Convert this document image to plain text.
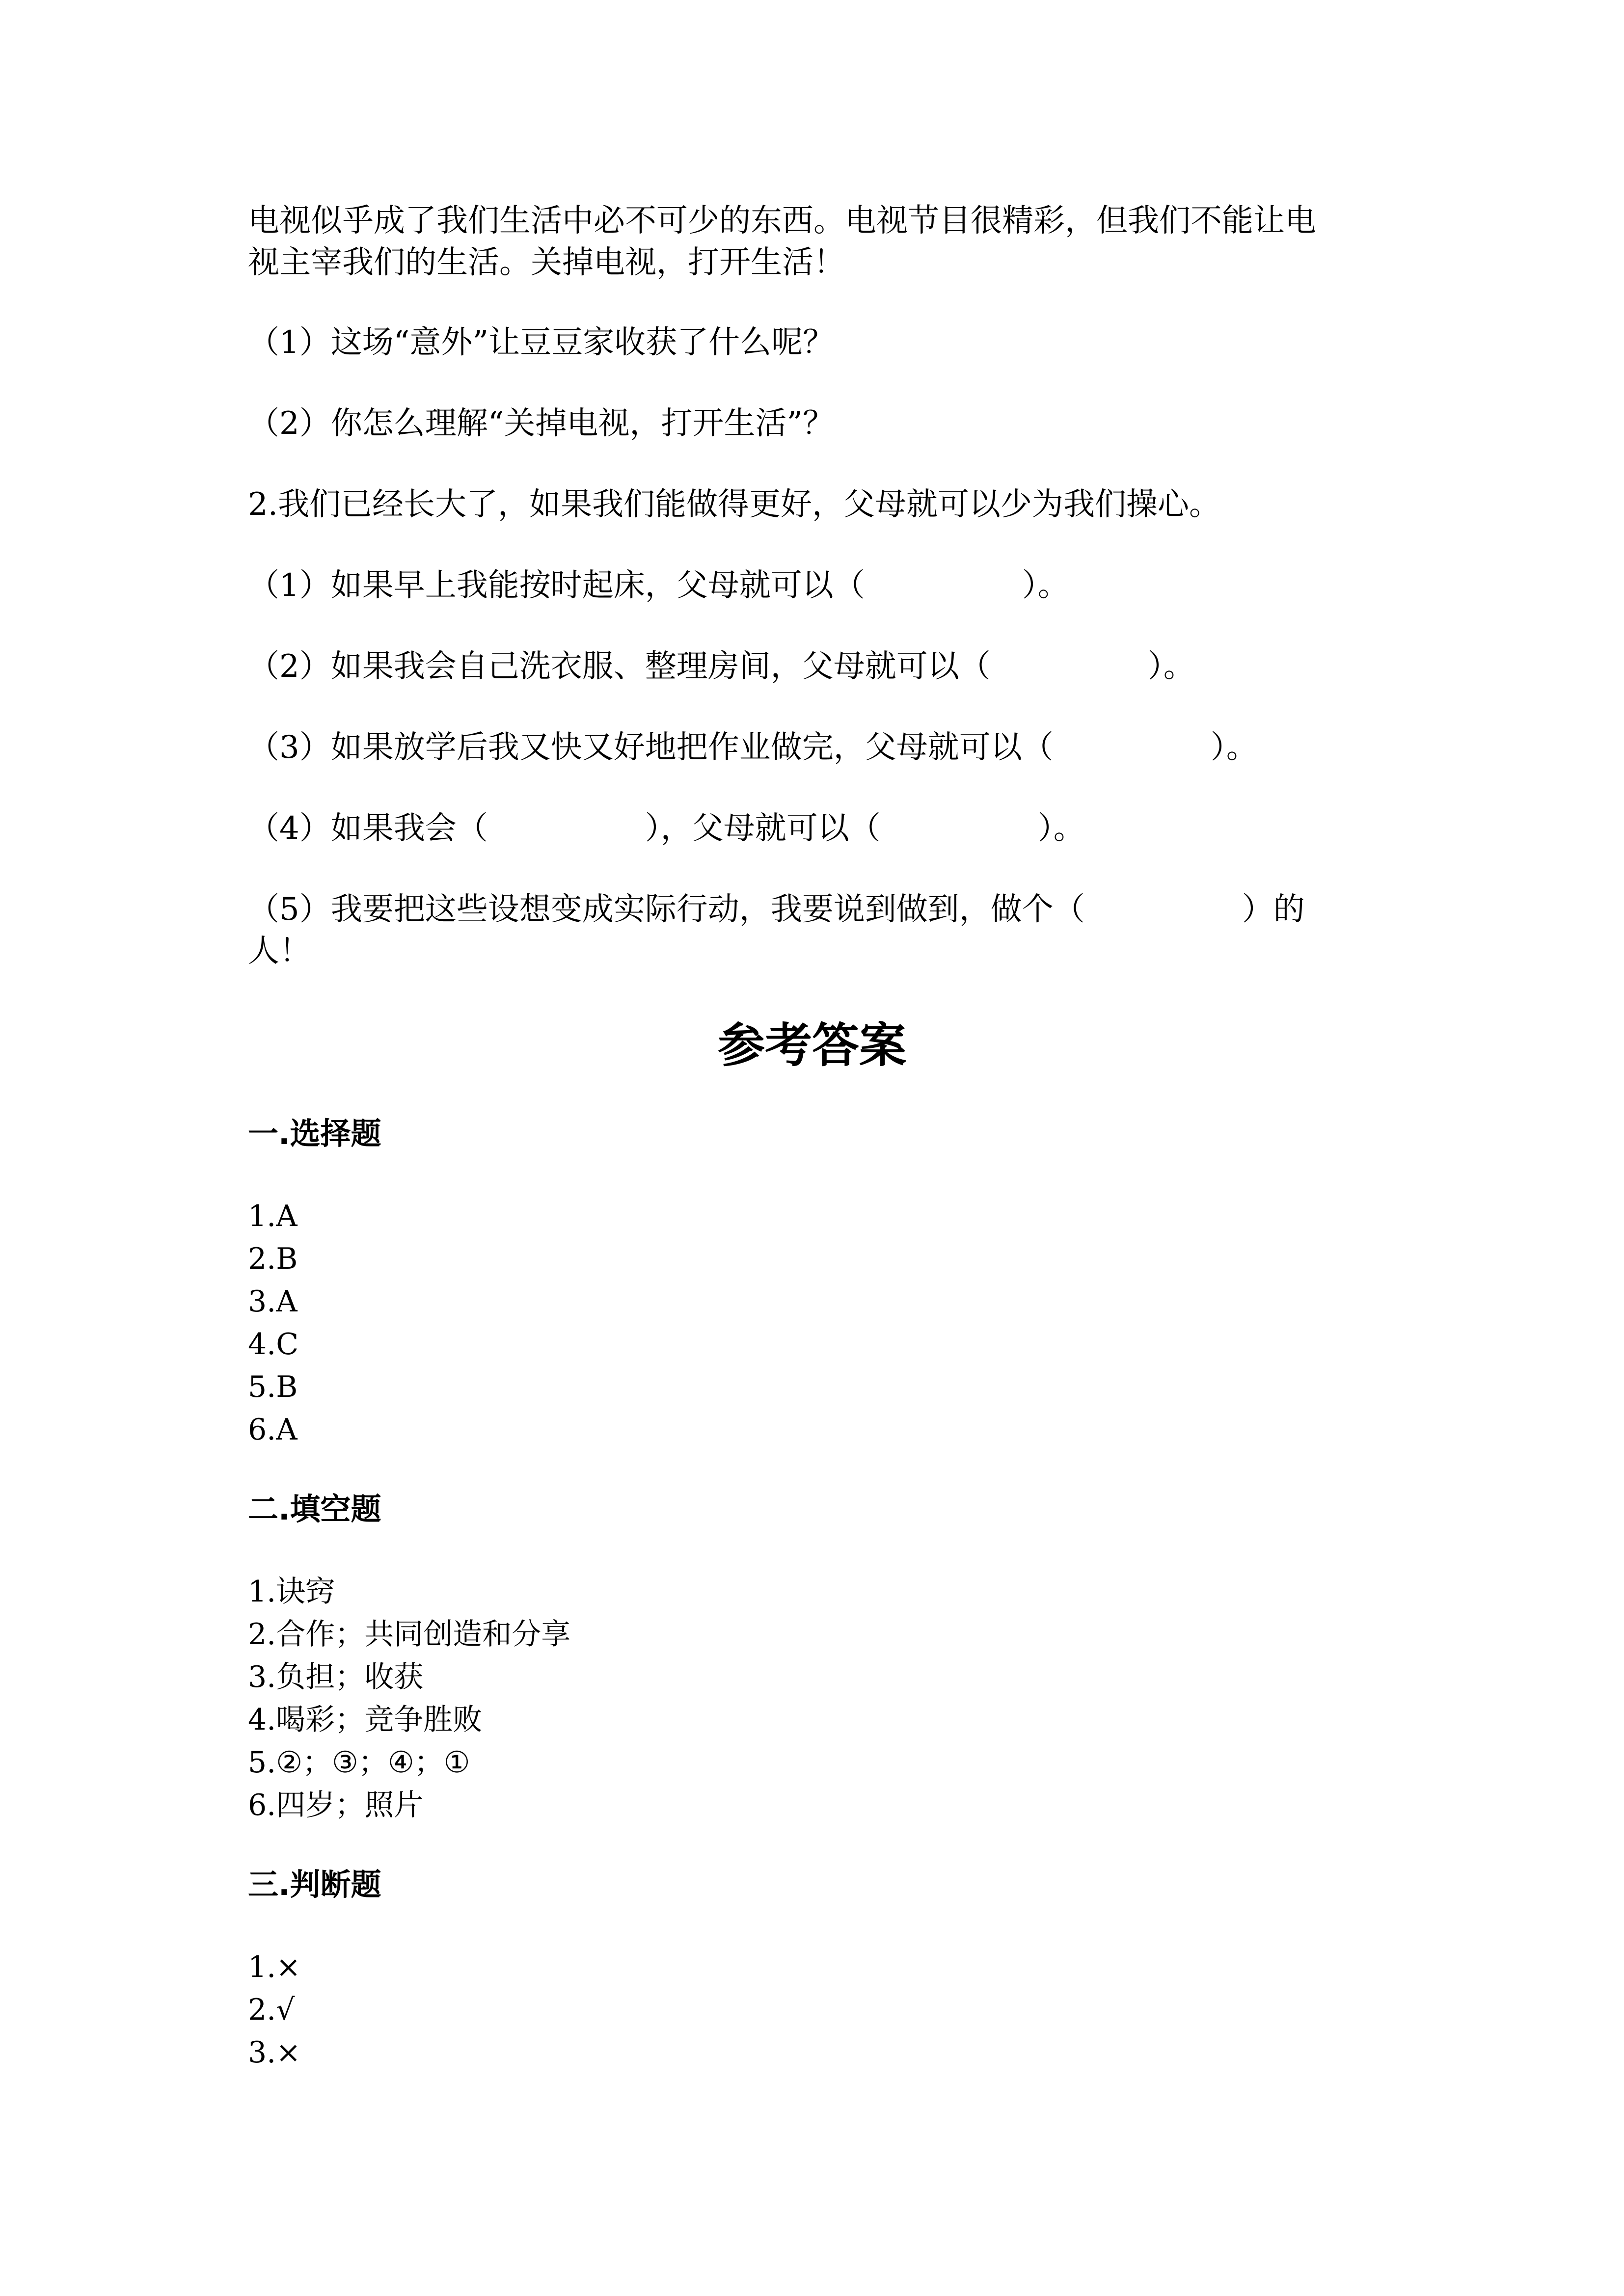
电视似乎成了我们生活中必不可少的东西。电视节目很精彩，但我们不能让电

视主宰我们的生活。关掉电视，打开生活！

（1）这场“意外”让豆豆家收获了什么呢？

（2）你怎么理解“关掉电视，打开生活”？

2.我们已经长大了，如果我们能做得更好，父母就可以少为我们操心。

（1）如果早上我能按时起床，父母就可以（　　　　　）。

（2）如果我会自己洗衣服、整理房间，父母就可以（　　　　　）。

（3）如果放学后我又快又好地把作业做完，父母就可以（　　　　　）。

（4）如果我会（　　　　　），父母就可以（　　　　　）。

（5）我要把这些设想变成实际行动，我要说到做到，做个（　　　　　）的

人！

参考答案
一.选择题

1.A

2.B

3.A

4.C

5.B

6.A

二.填空题

1.诀窍

2.合作；共同创造和分享

3.负担；收获

4.喝彩；竞争胜败

5.②；③；④；①

6.四岁；照片

三.判断题

1.×

2.√

3.×
